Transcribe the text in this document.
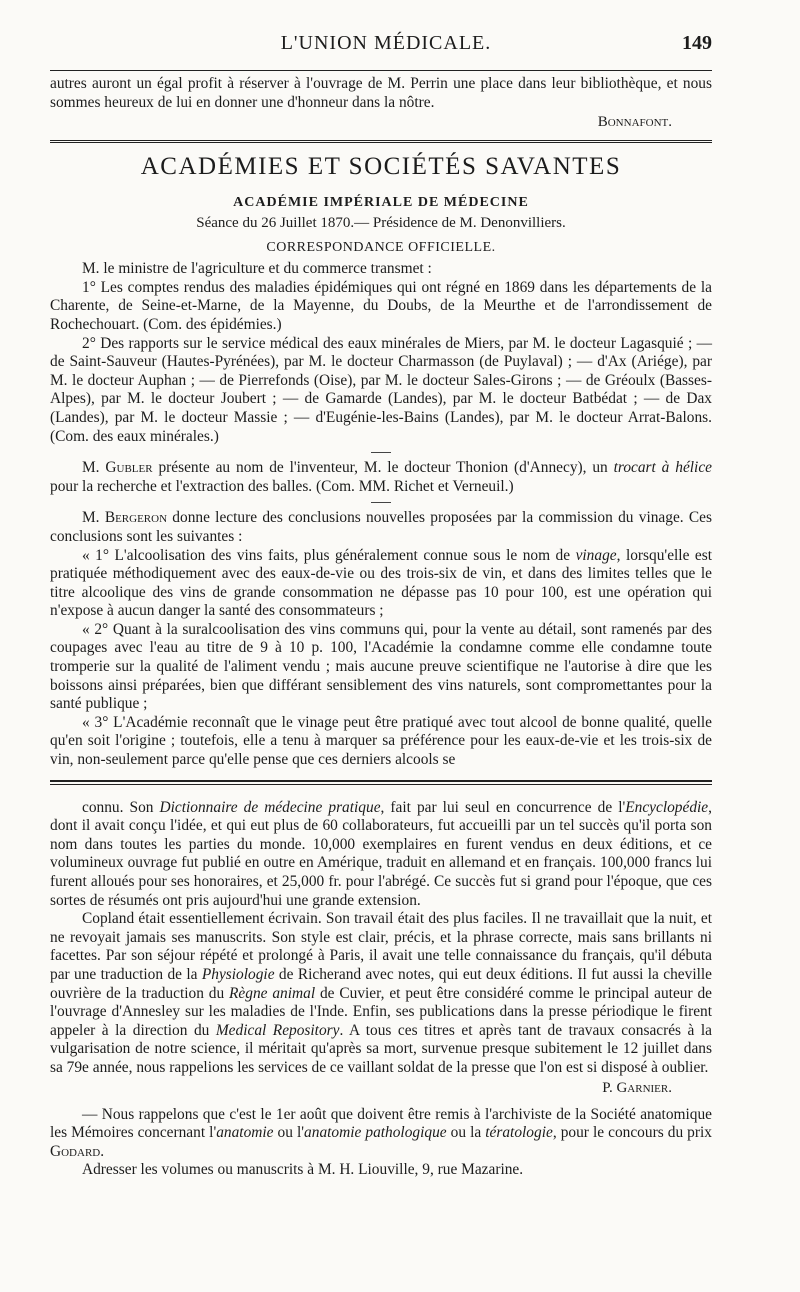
L'UNION MÉDICALE.	149

autres auront un égal profit à réserver à l'ouvrage de M. Perrin une place dans leur bibliothèque, et nous sommes heureux de lui en donner une d'honneur dans la nôtre.

Bonnafont.
ACADÉMIES ET SOCIÉTÉS SAVANTES
ACADÉMIE IMPÉRIALE DE MÉDECINE
Séance du 26 Juillet 1870.— Présidence de M. Denonvilliers.
CORRESPONDANCE OFFICIELLE.

M. le ministre de l'agriculture et du commerce transmet :

1° Les comptes rendus des maladies épidémiques qui ont régné en 1869 dans les départements de la Charente, de Seine-et-Marne, de la Mayenne, du Doubs, de la Meurthe et de l'arrondissement de Rochechouart. (Com. des épidémies.)

2° Des rapports sur le service médical des eaux minérales de Miers, par M. le docteur Lagasquié ; — de Saint-Sauveur (Hautes-Pyrénées), par M. le docteur Charmasson (de Puylaval) ; — d'Ax (Ariége), par M. le docteur Auphan ; — de Pierrefonds (Oise), par M. le docteur Sales-Girons ; — de Gréoulx (Basses-Alpes), par M. le docteur Joubert ; — de Gamarde (Landes), par M. le docteur Batbédat ; — de Dax (Landes), par M. le docteur Massie ; — d'Eugénie-les-Bains (Landes), par M. le docteur Arrat-Balons. (Com. des eaux minérales.)

M. Gubler présente au nom de l'inventeur, M. le docteur Thonion (d'Annecy), un trocart à hélice pour la recherche et l'extraction des balles. (Com. MM. Richet et Verneuil.)

M. Bergeron donne lecture des conclusions nouvelles proposées par la commission du vinage. Ces conclusions sont les suivantes :

« 1° L'alcoolisation des vins faits, plus généralement connue sous le nom de vinage, lorsqu'elle est pratiquée méthodiquement avec des eaux-de-vie ou des trois-six de vin, et dans des limites telles que le titre alcoolique des vins de grande consommation ne dépasse pas 10 pour 100, est une opération qui n'expose à aucun danger la santé des consommateurs ;

« 2° Quant à la suralcoolisation des vins communs qui, pour la vente au détail, sont ramenés par des coupages avec l'eau au titre de 9 à 10 p. 100, l'Académie la condamne comme elle condamne toute tromperie sur la qualité de l'aliment vendu ; mais aucune preuve scientifique ne l'autorise à dire que les boissons ainsi préparées, bien que différant sensiblement des vins naturels, sont compromettantes pour la santé publique ;

« 3° L'Académie reconnaît que le vinage peut être pratiqué avec tout alcool de bonne qualité, quelle qu'en soit l'origine ; toutefois, elle a tenu à marquer sa préférence pour les eaux-de-vie et les trois-six de vin, non-seulement parce qu'elle pense que ces derniers alcools se

connu. Son Dictionnaire de médecine pratique, fait par lui seul en concurrence de l'Encyclopédie, dont il avait conçu l'idée, et qui eut plus de 60 collaborateurs, fut accueilli par un tel succès qu'il porta son nom dans toutes les parties du monde. 10,000 exemplaires en furent vendus en deux éditions, et ce volumineux ouvrage fut publié en outre en Amérique, traduit en allemand et en français. 100,000 francs lui furent alloués pour ses honoraires, et 25,000 fr. pour l'abrégé. Ce succès fut si grand pour l'époque, que ces sortes de résumés ont pris aujourd'hui une grande extension.

Copland était essentiellement écrivain. Son travail était des plus faciles. Il ne travaillait que la nuit, et ne revoyait jamais ses manuscrits. Son style est clair, précis, et la phrase correcte, mais sans brillants ni facettes. Par son séjour répété et prolongé à Paris, il avait une telle connaissance du français, qu'il débuta par une traduction de la Physiologie de Richerand avec notes, qui eut deux éditions. Il fut aussi la cheville ouvrière de la traduction du Règne animal de Cuvier, et peut être considéré comme le principal auteur de l'ouvrage d'Annesley sur les maladies de l'Inde. Enfin, ses publications dans la presse périodique le firent appeler à la direction du Medical Repository. A tous ces titres et après tant de travaux consacrés à la vulgarisation de notre science, il méritait qu'après sa mort, survenue presque subitement le 12 juillet dans sa 79e année, nous rappelions les services de ce vaillant soldat de la presse que l'on est si disposé à oublier.

P. Garnier.

— Nous rappelons que c'est le 1er août que doivent être remis à l'archiviste de la Société anatomique les Mémoires concernant l'anatomie ou l'anatomie pathologique ou la tératologie, pour le concours du prix Godard.

Adresser les volumes ou manuscrits à M. H. Liouville, 9, rue Mazarine.
